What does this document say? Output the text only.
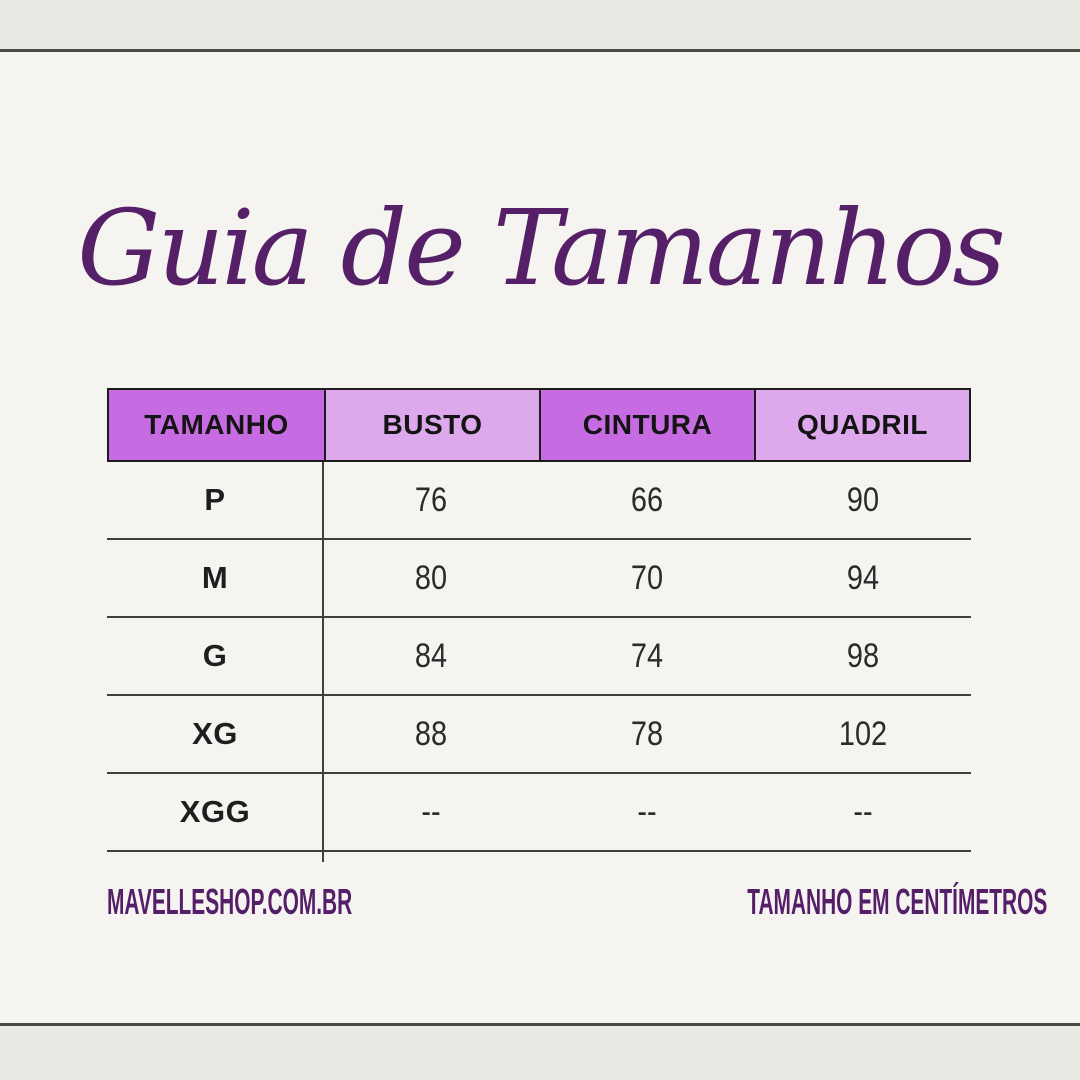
Guia de Tamanhos
TAMANHO	BUSTO	CINTURA	QUADRIL
P	76	66	90
M	80	70	94
G	84	74	98
XG	88	78	102
XGG	--	--	--
MAVELLESHOP.COM.BR	TAMANHO EM CENTÍMETROS
